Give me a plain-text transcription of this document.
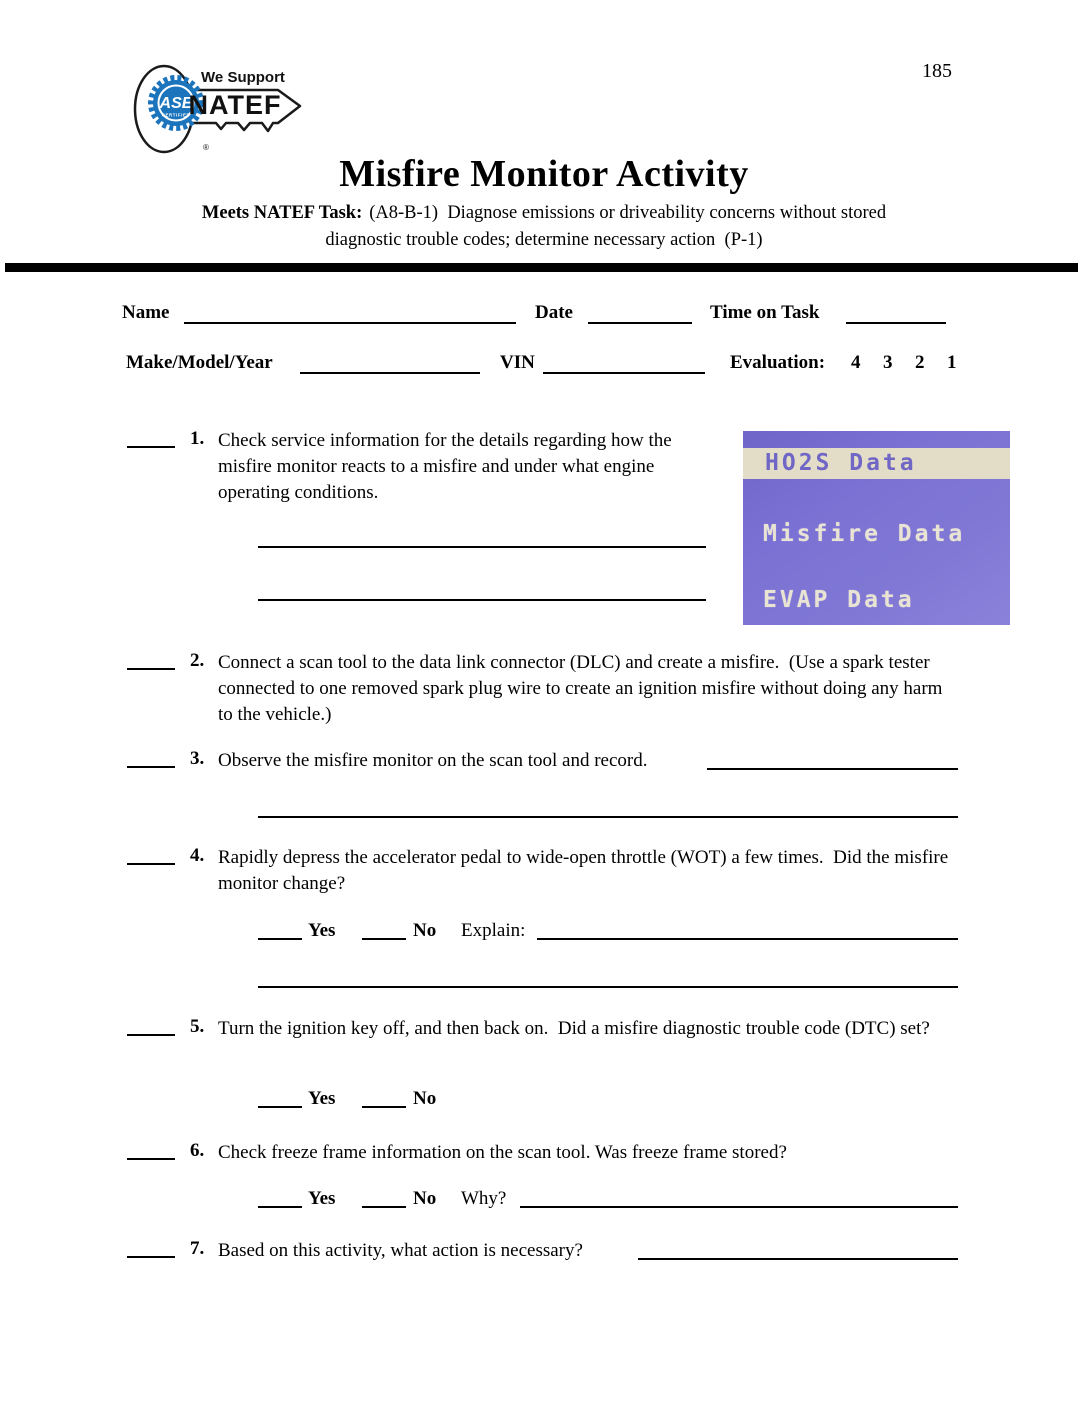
185
ASE
CERTIFIED
We Support
NATEF
®
Misfire Monitor Activity
Meets NATEF Task: (A8-B-1)  Diagnose emissions or driveability concerns without stored
diagnostic trouble codes; determine necessary action  (P-1)
Name	Date	Time on Task
Make/Model/Year	VIN	Evaluation: 4 3 2 1
1. Check service information for the details regarding how the misfire monitor reacts to a misfire and under what engine operating conditions.
HO2S Data
Misfire Data
EVAP Data
2. Connect a scan tool to the data link connector (DLC) and create a misfire.  (Use a spark tester connected to one removed spark plug wire to create an ignition misfire without doing any harm to the vehicle.)
3. Observe the misfire monitor on the scan tool and record.
4. Rapidly depress the accelerator pedal to wide-open throttle (WOT) a few times.  Did the misfire monitor change?
Yes	No Explain:
5. Turn the ignition key off, and then back on.  Did a misfire diagnostic trouble code (DTC) set?
Yes	No
6. Check freeze frame information on the scan tool. Was freeze frame stored?
Yes	No Why?
7. Based on this activity, what action is necessary?
